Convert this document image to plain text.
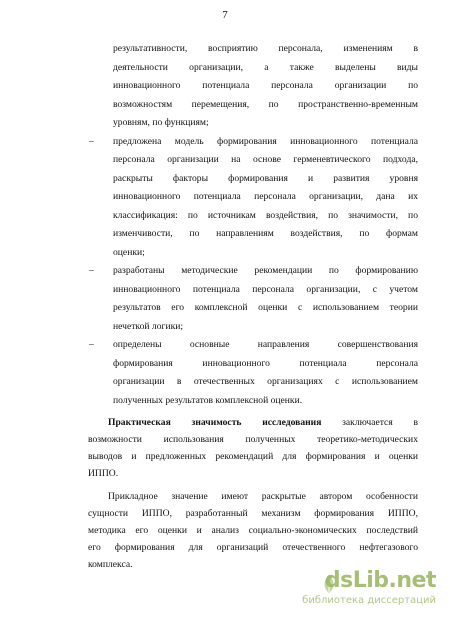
7
результативности, восприятию персонала, изменениям в
деятельности организации, а также выделены виды
инновационного потенциала персонала организации по
возможностям перемещения, по пространственно-временным
уровням, по функциям;
– предложена модель формирования инновационного потенциала
персонала организации на основе герменевтического подхода,
раскрыты факторы формирования и развития уровня
инновационного потенциала персонала организации, дана их
классификация: по источникам воздействия, по значимости, по
изменчивости, по направлениям воздействия, по формам
оценки;
– разработаны методические рекомендации по формированию
инновационного потенциала персонала организации, с учетом
результатов его комплексной оценки с использованием теории
нечеткой логики;
– определены основные направления совершенствования
формирования инновационного потенциала персонала
организации в отечественных организациях с использованием
полученных результатов комплексной оценки.
Практическая значимость исследования заключается в
возможности использования полученных теоретико-методических
выводов и предложенных рекомендаций для формирования и оценки
ИППО.
Прикладное значение имеют раскрытые автором особенности
сущности ИППО, разработанный механизм формирования ИППО,
методика его оценки и анализ социально-экономических последствий
его формирования для организаций отечественного нефтегазового
комплекса.
dsLib.net
библиотека диссертаций
